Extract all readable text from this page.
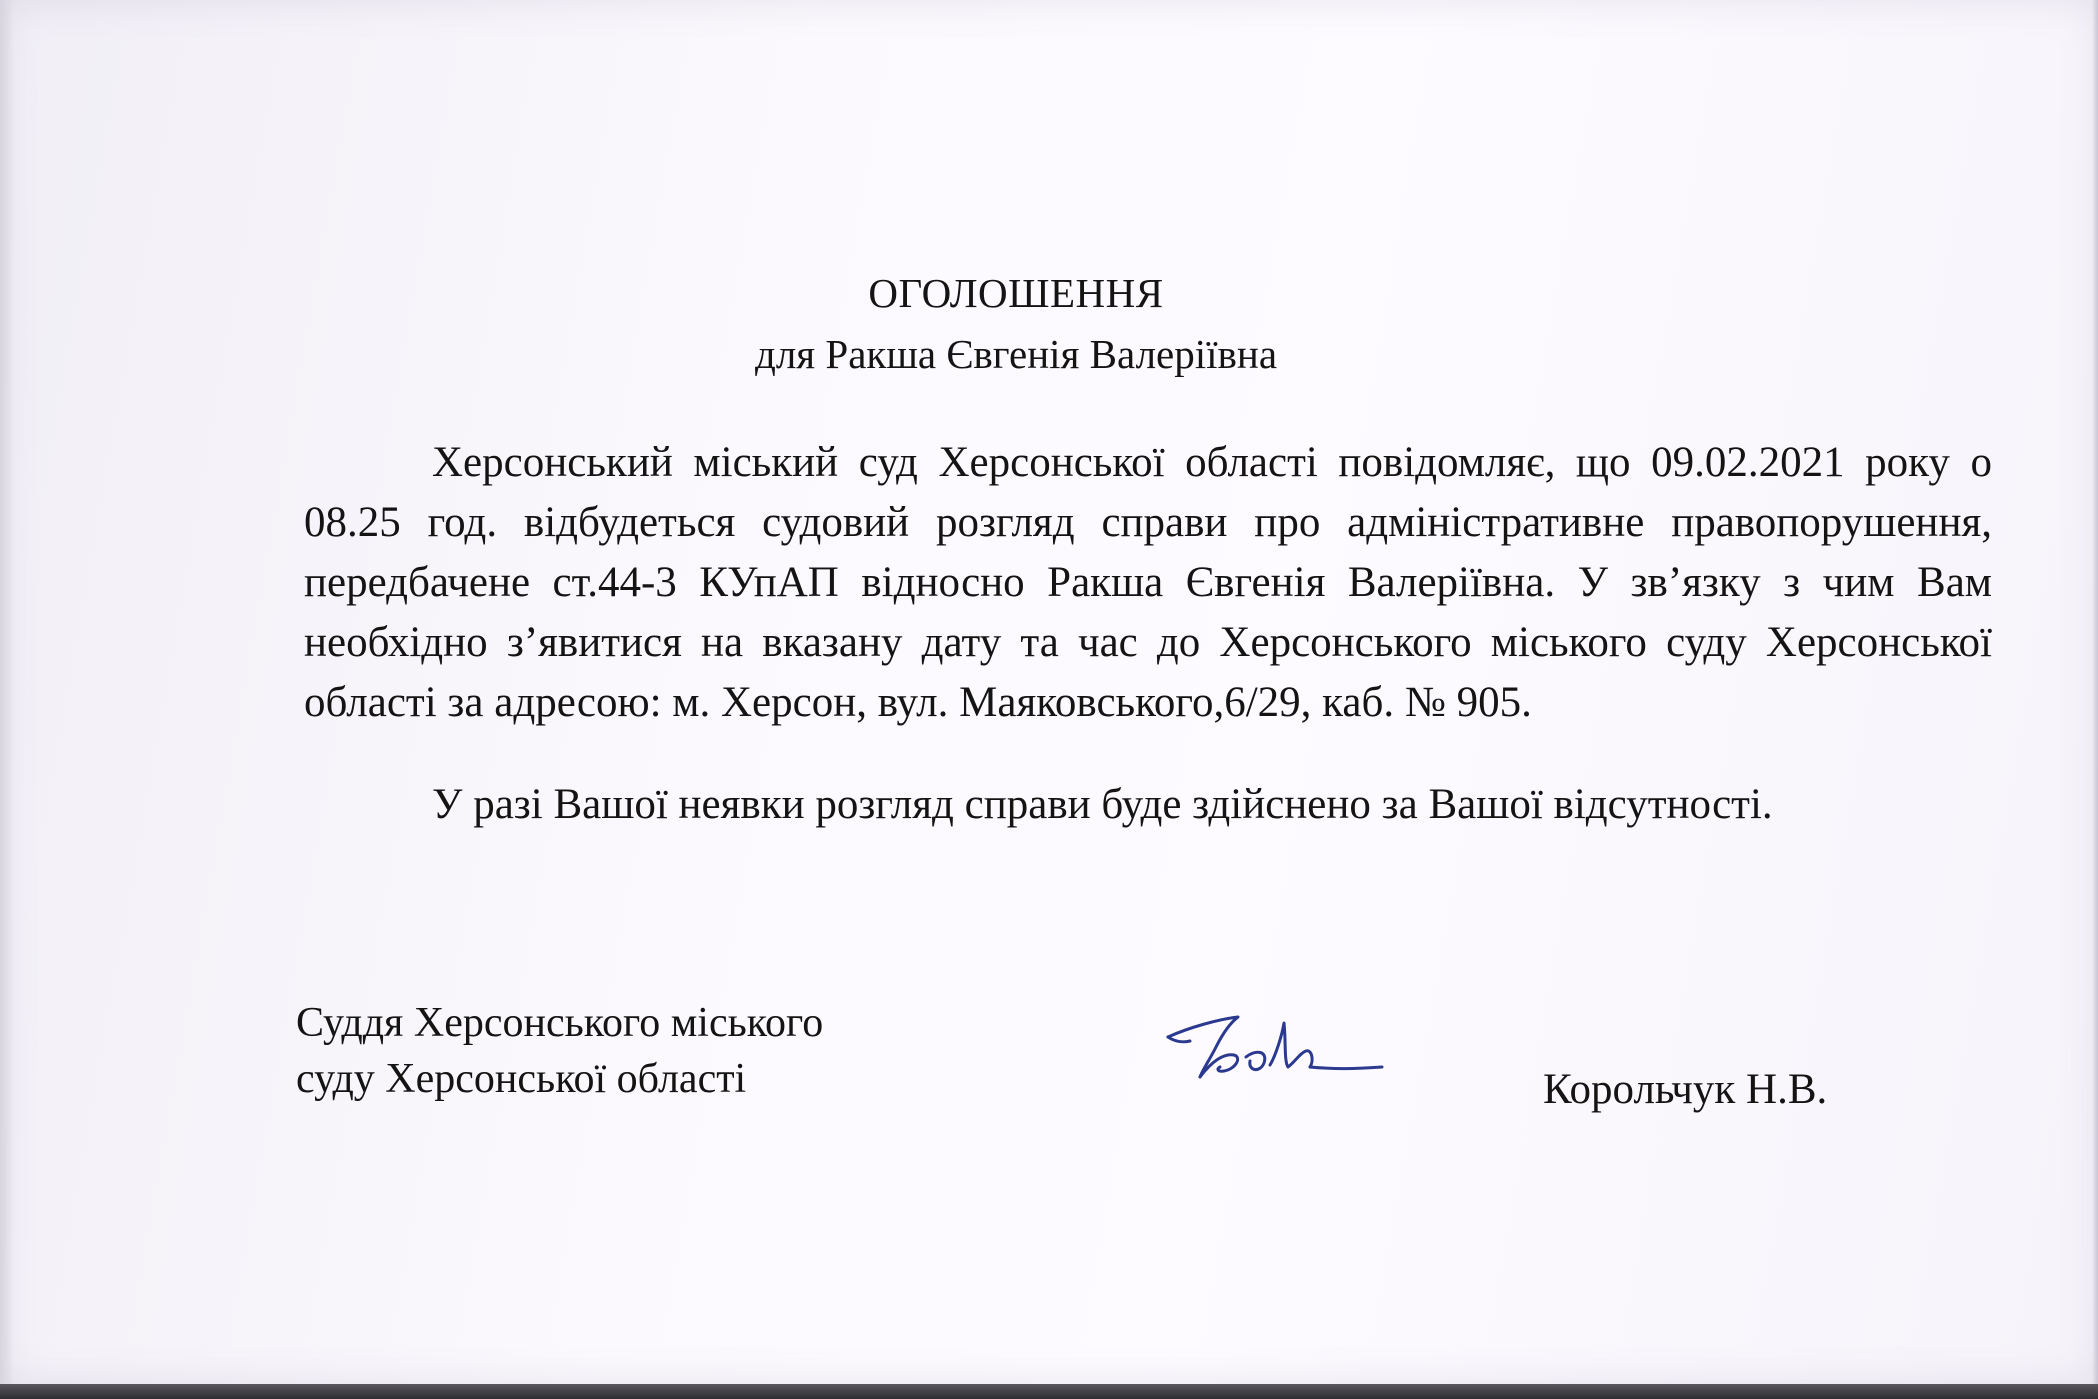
ОГОЛОШЕННЯ
для Ракша Євгенія Валеріївна

Херсонський міський суд Херсонської області повідомляє, що 09.02.2021 року о 08.25 год. відбудеться судовий розгляд справи про адміністративне правопорушення, передбачене ст.44-3 КУпАП відносно Ракша Євгенія Валеріївна. У зв’язку з чим Вам необхідно з’явитися на вказану дату та час до Херсонського міського суду Херсонської області за адресою: м. Херсон, вул. Маяковського,6/29, каб. № 905.

У разі Вашої неявки розгляд справи буде здійснено за Вашої відсутності.

Суддя Херсонського міського
суду Херсонської області	Корольчук Н.В.
